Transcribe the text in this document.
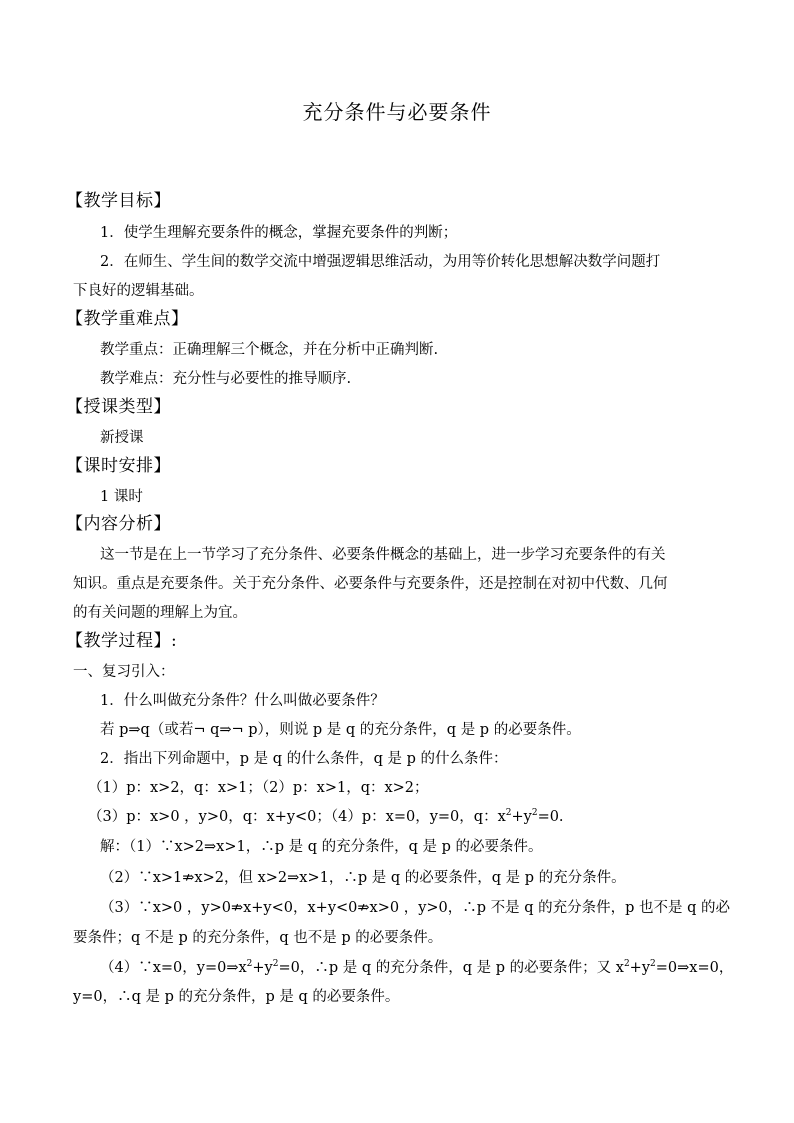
充分条件与必要条件
【教学目标】
1．使学生理解充要条件的概念，掌握充要条件的判断；
2．在师生、学生间的数学交流中增强逻辑思维活动，为用等价转化思想解决数学问题打
下良好的逻辑基础。
【教学重难点】
教学重点：正确理解三个概念，并在分析中正确判断.
教学难点：充分性与必要性的推导顺序.
【授课类型】
新授课
【课时安排】
1 课时
【内容分析】
这一节是在上一节学习了充分条件、必要条件概念的基础上，进一步学习充要条件的有关
知识。重点是充要条件。关于充分条件、必要条件与充要条件，还是控制在对初中代数、几何
的有关问题的理解上为宜。
【教学过程】:
一、复习引入：
1．什么叫做充分条件？什么叫做必要条件？
若 p⇒q（或若¬ q⇒¬ p），则说 p 是 q 的充分条件，q 是 p 的必要条件。
2．指出下列命题中，p 是 q 的什么条件，q 是 p 的什么条件：
（1）p：x>2，q：x>1；（2）p：x>1，q：x>2；
（3）p：x>0 ，y>0，q：x+y<0；（4）p：x=0，y=0，q：$x^2+y^2=0$.
解：（1）∵x>2⇒x>1，∴p 是 q 的充分条件，q 是 p 的必要条件。
（2）∵x>1⇏x>2，但 x>2⇒x>1，∴p 是 q 的必要条件，q 是 p 的充分条件。
（3）∵x>0 ，y>0⇏x+y<0，x+y<0⇏x>0 ，y>0，∴p 不是 q 的充分条件，p 也不是 q 的必
要条件；q 不是 p 的充分条件，q 也不是 p 的必要条件。
（4）∵x=0，$y=0\Rightarrow x^2+y^2=0$，∴p 是 q 的充分条件，q 是 p 的必要条件；又 $x^2+y^2=0\Rightarrow x=0$，
y=0，∴q 是 p 的充分条件，p 是 q 的必要条件。
